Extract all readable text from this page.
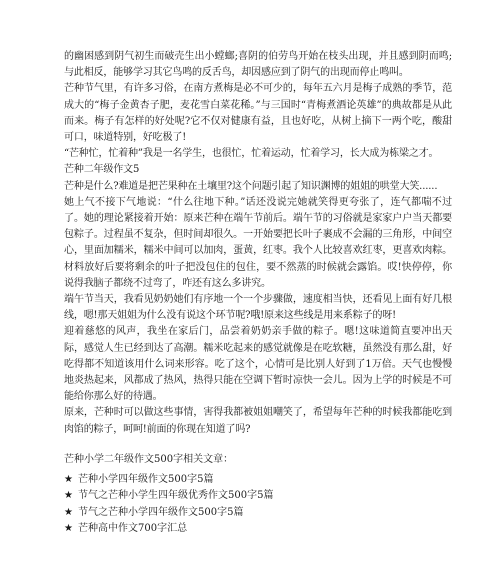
的幽困感到阴气初生而破壳生出小螳螂;喜阴的伯劳鸟开始在枝头出现，并且感到阴而鸣;与此相反，能够学习其它鸟鸣的反舌鸟，却因感应到了阴气的出现而停止鸣叫。

芒种节气里，有许多习俗，在南方煮梅是必不可少的，每年五六月是梅子成熟的季节，范成大的“梅子金黄杏子肥，麦花雪白菜花稀。”与三国时“青梅煮酒论英雄”的典故都是从此而来。梅子有怎样的好处呢?它不仅对健康有益，且也好吃，从树上摘下一两个吃，酸甜可口，味道特别，好吃极了!

“芒种忙，忙着种”我是一名学生，也很忙，忙着运动，忙着学习，长大成为栋梁之才。

芒种二年级作文5

芒种是什么?难道是把芒果种在土壤里?这个问题引起了知识渊博的姐姐的哄堂大笑......

她上气不接下气地说：“什么往地下种。”话还没说完她就笑得更夸张了，连气都喘不过了。她的理论紧接着开始：原来芒种在端午节前后。端午节的习俗就是家家户户当天都要包粽子。过程虽不复杂，但时间却很久。一开始要把长叶子裹成不会漏的三角形，中间空心，里面加糯米，糯米中间可以加肉，蛋黄，红枣。我个人比较喜欢红枣，更喜欢肉粽。材料放好后要将剩余的叶子把没包住的包住，要不然蒸的时候就会露馅。哎!快停停，你说得我脑子都绕不过弯了，咋还有这么多讲究。

端午节当天，我看见奶奶她们有序地一个一个步骤做，速度相当快，还看见上面有好几根线，嗯!那天姐姐为什么没有说这个环节呢?哦!原来这些线是用来系粽子的呀!

迎着慈悠的风声，我坐在家后门，品尝着奶奶亲手做的粽子。嗯!这味道简直要冲出天际，感觉人生已经到达了高潮。糯米吃起来的感觉就像是在吃软糖，虽然没有那么甜，好吃得都不知道该用什么词来形容。吃了这个，心情可是比别人好到了1万倍。天气也慢慢地炎热起来，风都成了热风，热得只能在空调下暂时凉快一会儿。因为上学的时候是不可能给你那么好的待遇。

原来，芒种时可以做这些事情，害得我都被姐姐嘲笑了，希望每年芒种的时候我都能吃到肉馅的粽子，呵呵!前面的你现在知道了吗?

芒种小学二年级作文500字相关文章：

★ 芒种小学四年级作文500字5篇
★ 节气之芒种小学生四年级优秀作文500字5篇
★ 节气之芒种小学四年级作文500字5篇
★ 芒种高中作文700字汇总
